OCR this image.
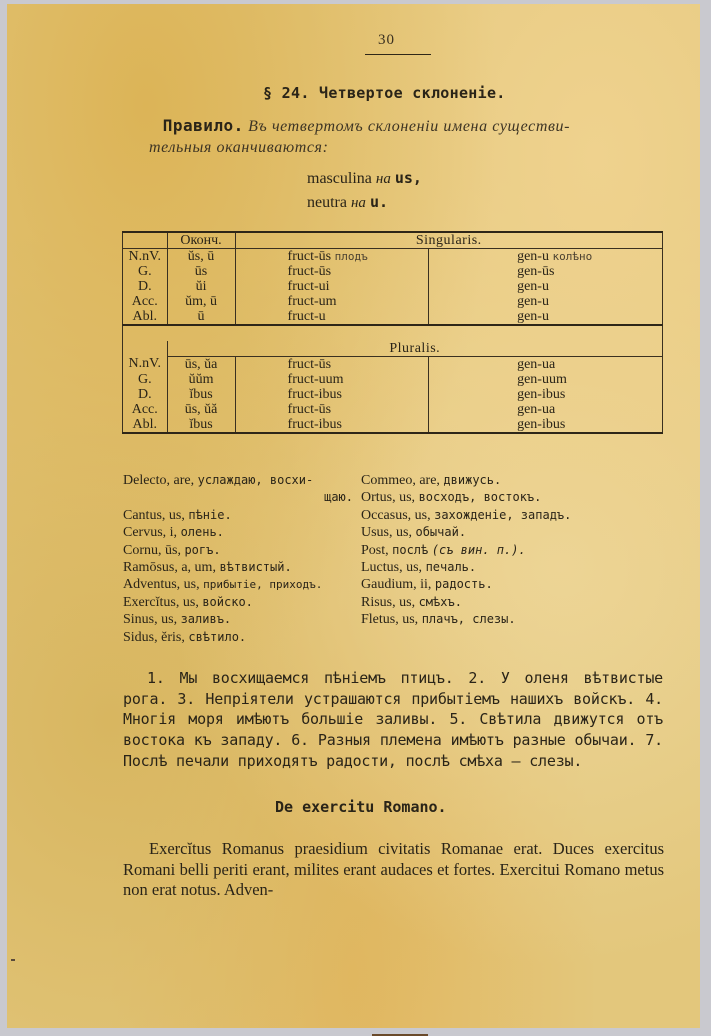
30
§ 24. Четвертое склоненіе.
Правило. Въ четвертомъ склоненіи имена существи-
тельныя оканчиваются:
masculina на us,
neutra на u.
	Оконч.	Singularis.	
N.nV.	ŭs, ū	fruct-ūs плодъ	gen-u колѣно
G.	ūs	fruct-ūs	gen-ūs
D.	ŭi	fruct-ui	gen-u
Acc.	ŭm, ū	fruct-um	gen-u
Abl.	ū	fruct-u	gen-u

	Pluralis.		
N.nV.	ūs, ŭa	fruct-ūs	gen-ua
G.	ŭŭm	fruct-uum	gen-uum
D.	ĭbus	fruct-ibus	gen-ibus
Acc.	ūs, ŭă	fruct-ūs	gen-ua
Abl.	ĭbus	fruct-ibus	gen-ibus
Delecto, are, услаждаю, восхи-
щаю.
Cantus, us, пѣніе.
Cervus, i, олень.
Cornu, ūs, рогъ.
Ramōsus, a, um, вѣтвистый.
Adventus, us, прибытіе, приходъ.
Exercĭtus, us, войско.
Sinus, us, заливъ.
Sidus, ĕris, свѣтило.
Commeo, are, движусь.
Ortus, us, восходъ, востокъ.
Occasus, us, захожденіе, западъ.
Usus, us, обычай.
Post, послѣ (съ вин. п.).
Luctus, us, печаль.
Gaudium, ii, радость.
Risus, us, смѣхъ.
Fletus, us, плачъ, слезы.
1. Мы восхищаемся пѣніемъ птицъ. 2. У оленя вѣтвистые рога. 3. Непріятели устрашаются прибытіемъ нашихъ войскъ. 4. Многія моря имѣютъ большіе заливы. 5. Свѣтила движутся отъ востока къ западу. 6. Разныя племена имѣютъ разные обычаи. 7. Послѣ печали приходятъ радости, послѣ смѣха — слезы.
De exercitu Romano.
Exercĭtus Romanus praesidium civitatis Romanae erat. Duces exercitus Romani belli periti erant, milites erant audaces et fortes. Exercitui Romano metus non erat notus. Adven-
